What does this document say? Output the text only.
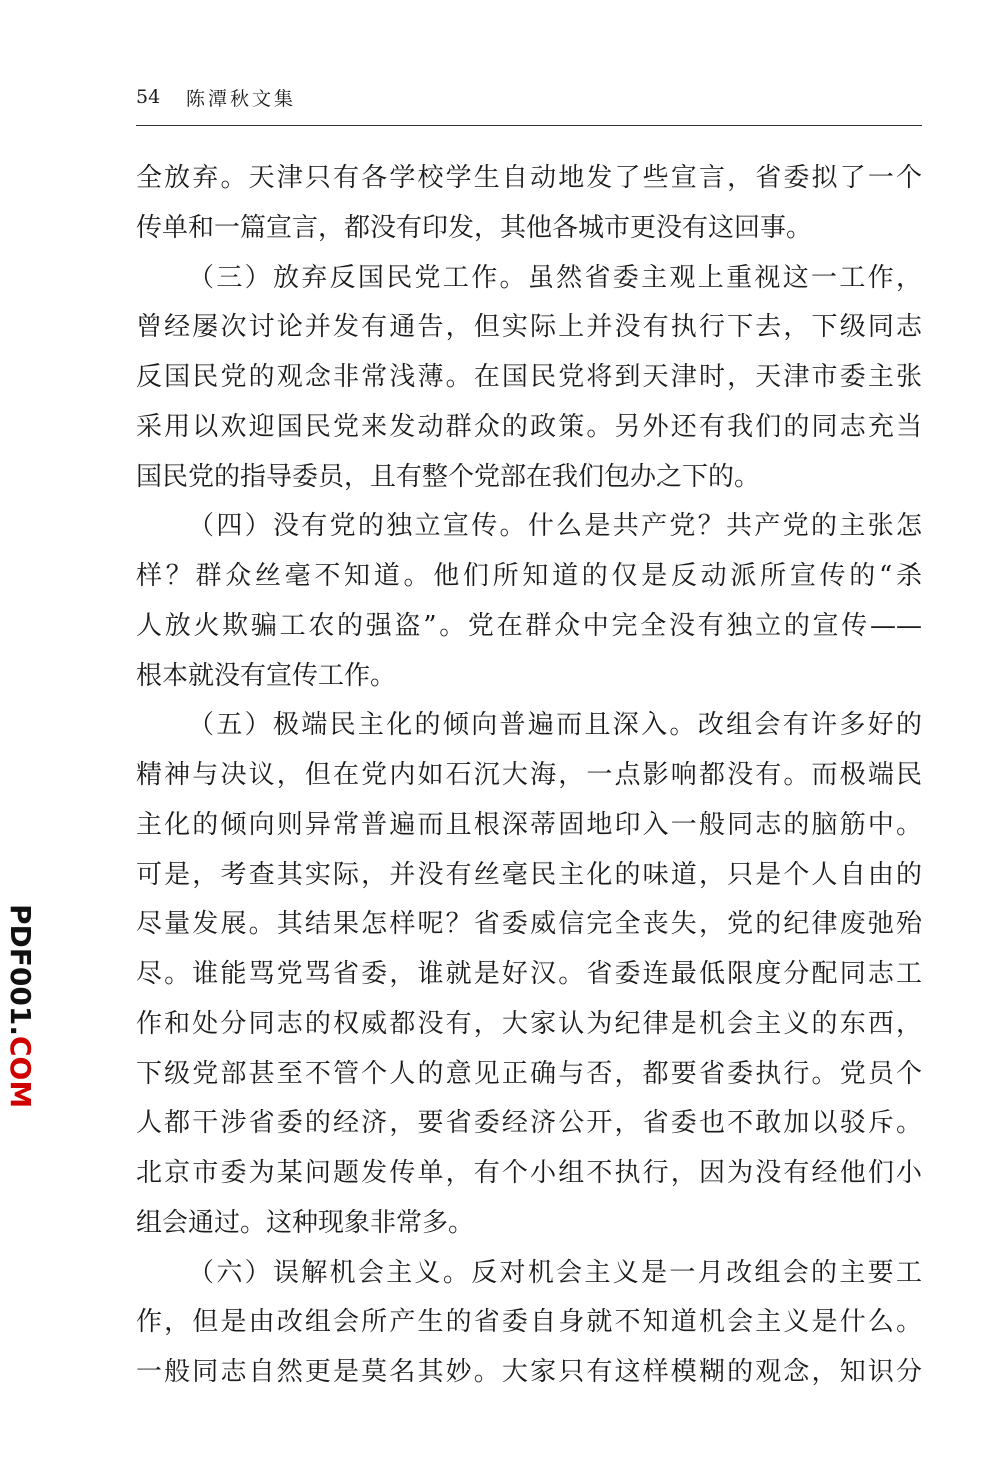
54 陈潭秋文集
全放弃。天津只有各学校学生自动地发了些宣言，省委拟了一个
传单和一篇宣言，都没有印发，其他各城市更没有这回事。
（三）放弃反国民党工作。虽然省委主观上重视这一工作，
曾经屡次讨论并发有通告，但实际上并没有执行下去，下级同志
反国民党的观念非常浅薄。在国民党将到天津时，天津市委主张
采用以欢迎国民党来发动群众的政策。另外还有我们的同志充当
国民党的指导委员，且有整个党部在我们包办之下的。
（四）没有党的独立宣传。什么是共产党？共产党的主张怎
样？群众丝毫不知道。他们所知道的仅是反动派所宣传的“杀
人放火欺骗工农的强盗”。党在群众中完全没有独立的宣传——
根本就没有宣传工作。
（五）极端民主化的倾向普遍而且深入。改组会有许多好的
精神与决议，但在党内如石沉大海，一点影响都没有。而极端民
主化的倾向则异常普遍而且根深蒂固地印入一般同志的脑筋中。
可是，考查其实际，并没有丝毫民主化的味道，只是个人自由的
尽量发展。其结果怎样呢？省委威信完全丧失，党的纪律废弛殆
尽。谁能骂党骂省委，谁就是好汉。省委连最低限度分配同志工
作和处分同志的权威都没有，大家认为纪律是机会主义的东西，
下级党部甚至不管个人的意见正确与否，都要省委执行。党员个
人都干涉省委的经济，要省委经济公开，省委也不敢加以驳斥。
北京市委为某问题发传单，有个小组不执行，因为没有经他们小
组会通过。这种现象非常多。
（六）误解机会主义。反对机会主义是一月改组会的主要工
作，但是由改组会所产生的省委自身就不知道机会主义是什么。
一般同志自然更是莫名其妙。大家只有这样模糊的观念，知识分
PDF001.COM
